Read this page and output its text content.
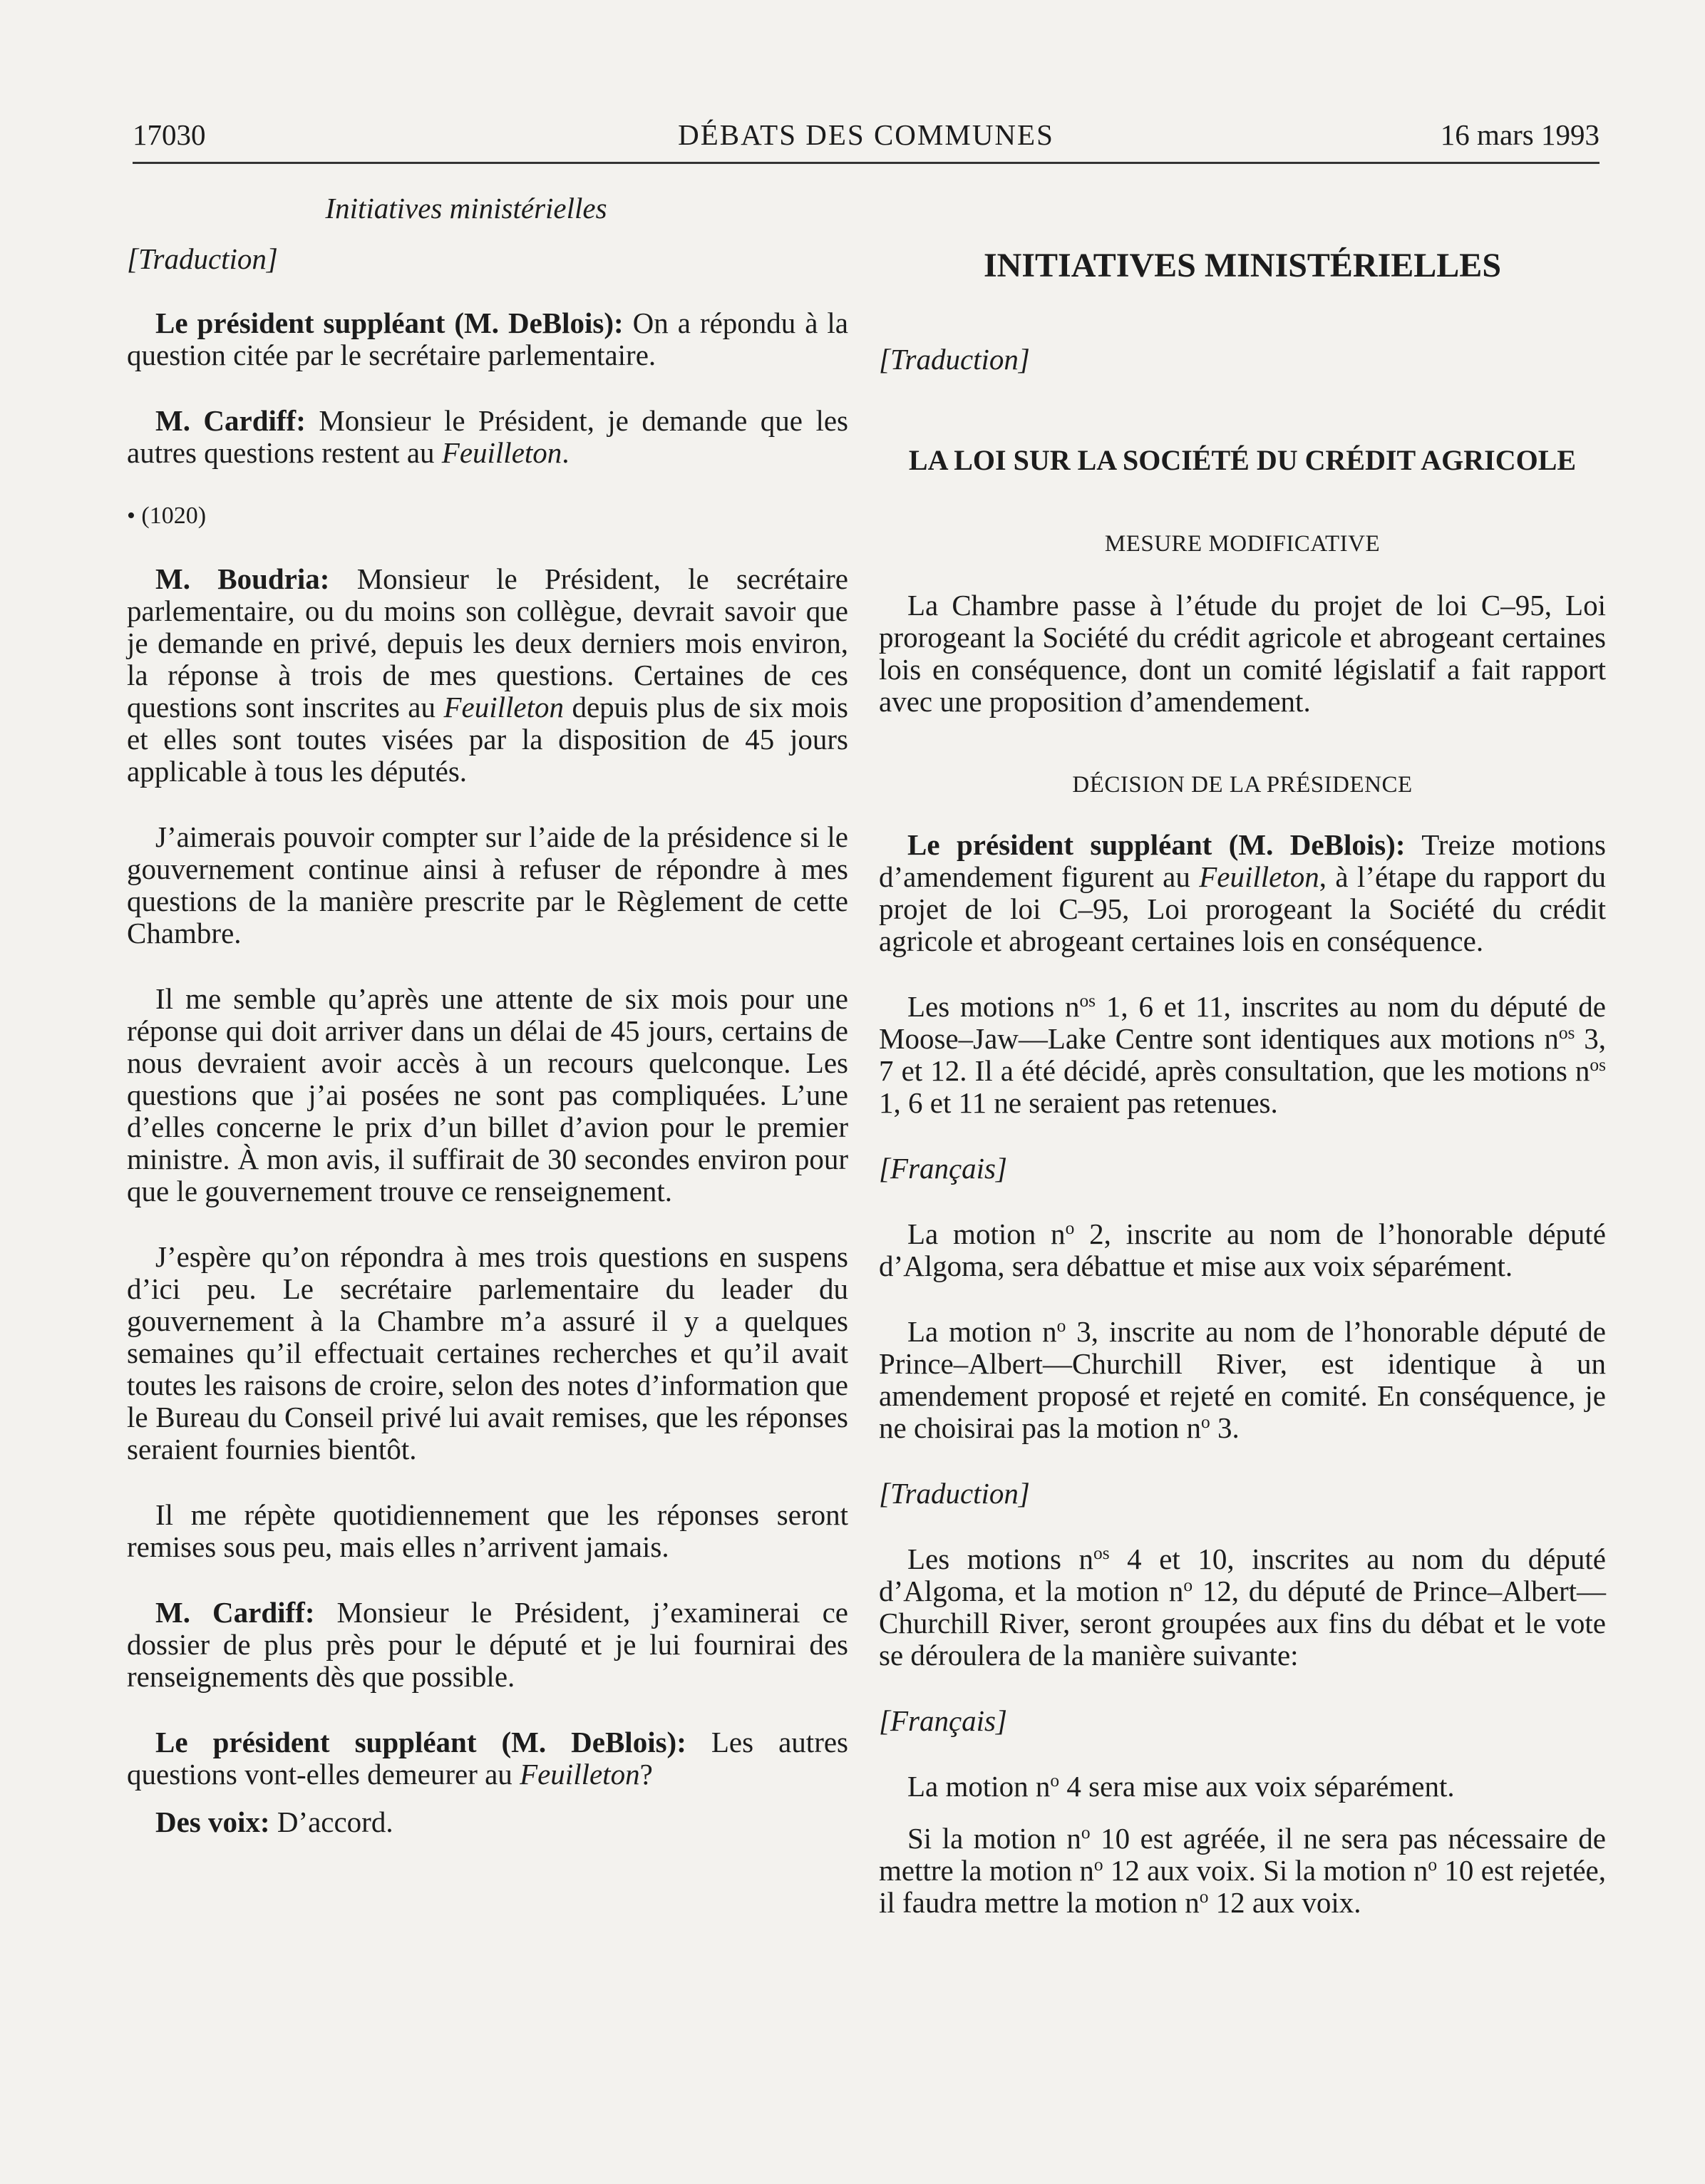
17030	DÉBATS DES COMMUNES	16 mars 1993

Initiatives ministérielles

[Traduction]

Le président suppléant (M. DeBlois): On a répondu à la question citée par le secrétaire parlementaire.

M. Cardiff: Monsieur le Président, je demande que les autres questions restent au Feuilleton.

• (1020)

M. Boudria: Monsieur le Président, le secrétaire parlementaire, ou du moins son collègue, devrait savoir que je demande en privé, depuis les deux derniers mois environ, la réponse à trois de mes questions. Certaines de ces questions sont inscrites au Feuilleton depuis plus de six mois et elles sont toutes visées par la disposition de 45 jours applicable à tous les députés.

J’aimerais pouvoir compter sur l’aide de la présidence si le gouvernement continue ainsi à refuser de répondre à mes questions de la manière prescrite par le Règlement de cette Chambre.

Il me semble qu’après une attente de six mois pour une réponse qui doit arriver dans un délai de 45 jours, certains de nous devraient avoir accès à un recours quelconque. Les questions que j’ai posées ne sont pas compliquées. L’une d’elles concerne le prix d’un billet d’avion pour le premier ministre. À mon avis, il suffirait de 30 secondes environ pour que le gouvernement trouve ce renseignement.

J’espère qu’on répondra à mes trois questions en suspens d’ici peu. Le secrétaire parlementaire du leader du gouvernement à la Chambre m’a assuré il y a quelques semaines qu’il effectuait certaines recherches et qu’il avait toutes les raisons de croire, selon des notes d’information que le Bureau du Conseil privé lui avait remises, que les réponses seraient fournies bientôt.

Il me répète quotidiennement que les réponses seront remises sous peu, mais elles n’arrivent jamais.

M. Cardiff: Monsieur le Président, j’examinerai ce dossier de plus près pour le député et je lui fournirai des renseignements dès que possible.

Le président suppléant (M. DeBlois): Les autres questions vont-elles demeurer au Feuilleton?

Des voix: D’accord.

INITIATIVES MINISTÉRIELLES

[Traduction]

LA LOI SUR LA SOCIÉTÉ DU CRÉDIT AGRICOLE

MESURE MODIFICATIVE

La Chambre passe à l’étude du projet de loi C–95, Loi prorogeant la Société du crédit agricole et abrogeant certaines lois en conséquence, dont un comité législatif a fait rapport avec une proposition d’amendement.

DÉCISION DE LA PRÉSIDENCE

Le président suppléant (M. DeBlois): Treize motions d’amendement figurent au Feuilleton, à l’étape du rapport du projet de loi C–95, Loi prorogeant la Société du crédit agricole et abrogeant certaines lois en conséquence.

Les motions $n^{os}$ 1, 6 et 11, inscrites au nom du député de Moose–Jaw—Lake Centre sont identiques aux motions $n^{os}$ 3, 7 et 12. Il a été décidé, après consultation, que les motions $n^{os}$ 1, 6 et 11 ne seraient pas retenues.

[Français]

La motion $n^o$ 2, inscrite au nom de l’honorable député d’Algoma, sera débattue et mise aux voix séparément.

La motion $n^o$ 3, inscrite au nom de l’honorable député de Prince–Albert—Churchill River, est identique à un amendement proposé et rejeté en comité. En conséquence, je ne choisirai pas la motion $n^o$ 3.

[Traduction]

Les motions $n^{os}$ 4 et 10, inscrites au nom du député d’Algoma, et la motion $n^o$ 12, du député de Prince–Albert—Churchill River, seront groupées aux fins du débat et le vote se déroulera de la manière suivante:

[Français]

La motion $n^o$ 4 sera mise aux voix séparément.

Si la motion $n^o$ 10 est agréée, il ne sera pas nécessaire de mettre la motion $n^o$ 12 aux voix. Si la motion $n^o$ 10 est rejetée, il faudra mettre la motion $n^o$ 12 aux voix.
